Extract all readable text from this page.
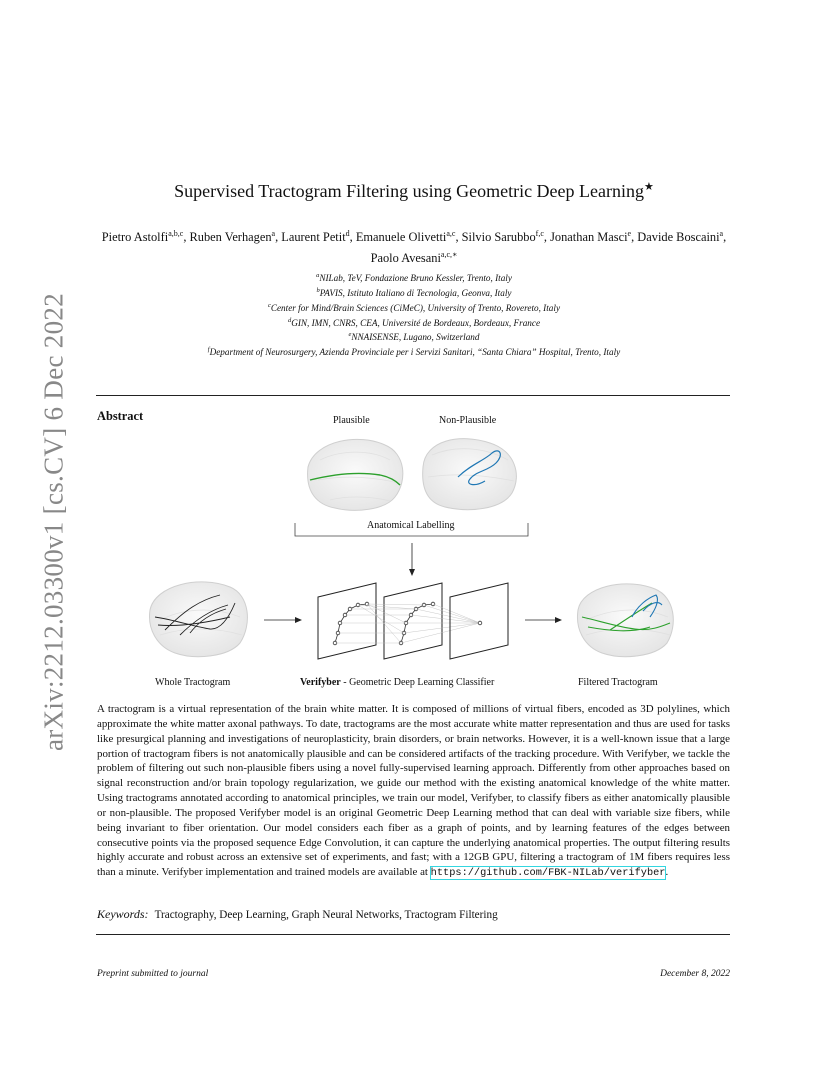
arXiv:2212.03300v1 [cs.CV] 6 Dec 2022
Supervised Tractogram Filtering using Geometric Deep Learning★
Pietro Astolfi$^{a,b,c}$, Ruben Verhagen$^a$, Laurent Petit$^d$, Emanuele Olivetti$^{a,c}$, Silvio Sarubbo$^{f,c}$, Jonathan Masci$^e$, Davide Boscaini$^a$, Paolo Avesani$^{a,c,∗}$
$^a$NILab, TeV, Fondazione Bruno Kessler, Trento, Italy
$^b$PAVIS, Istituto Italiano di Tecnologia, Geonva, Italy
$^c$Center for Mind/Brain Sciences (CiMeC), University of Trento, Rovereto, Italy
$^d$GIN, IMN, CNRS, CEA, Université de Bordeaux, Bordeaux, France
$^e$NNAISENSE, Lugano, Switzerland
$^f$Department of Neurosurgery, Azienda Provinciale per i Servizi Sanitari, “Santa Chiara” Hospital, Trento, Italy
Abstract	Plausible	Non-Plausible
Anatomical Labelling
Whole Tractogram	Verifyber - Geometric Deep Learning Classifier	Filtered Tractogram
A tractogram is a virtual representation of the brain white matter. It is composed of millions of virtual fibers, encoded as 3D polylines, which approximate the white matter axonal pathways. To date, tractograms are the most accurate white matter representation and thus are used for tasks like presurgical planning and investigations of neuroplasticity, brain disorders, or brain networks. However, it is a well-known issue that a large portion of tractogram fibers is not anatomically plausible and can be considered artifacts of the tracking procedure. With Verifyber, we tackle the problem of filtering out such non-plausible fibers using a novel fully-supervised learning approach. Differently from other approaches based on signal reconstruction and/or brain topology regularization, we guide our method with the existing anatomical knowledge of the white matter. Using tractograms annotated according to anatomical principles, we train our model, Verifyber, to classify fibers as either anatomically plausible or non-plausible. The proposed Verifyber model is an original Geometric Deep Learning method that can deal with variable size fibers, while being invariant to fiber orientation. Our model considers each fiber as a graph of points, and by learning features of the edges between consecutive points via the proposed sequence Edge Convolution, it can capture the underlying anatomical properties. The output filtering results highly accurate and robust across an extensive set of experiments, and fast; with a 12GB GPU, filtering a tractogram of 1M fibers requires less than a minute. Verifyber implementation and trained models are available at https://github.com/FBK-NILab/verifyber.
Keywords: Tractography, Deep Learning, Graph Neural Networks, Tractogram Filtering
Preprint submitted to journal	December 8, 2022
